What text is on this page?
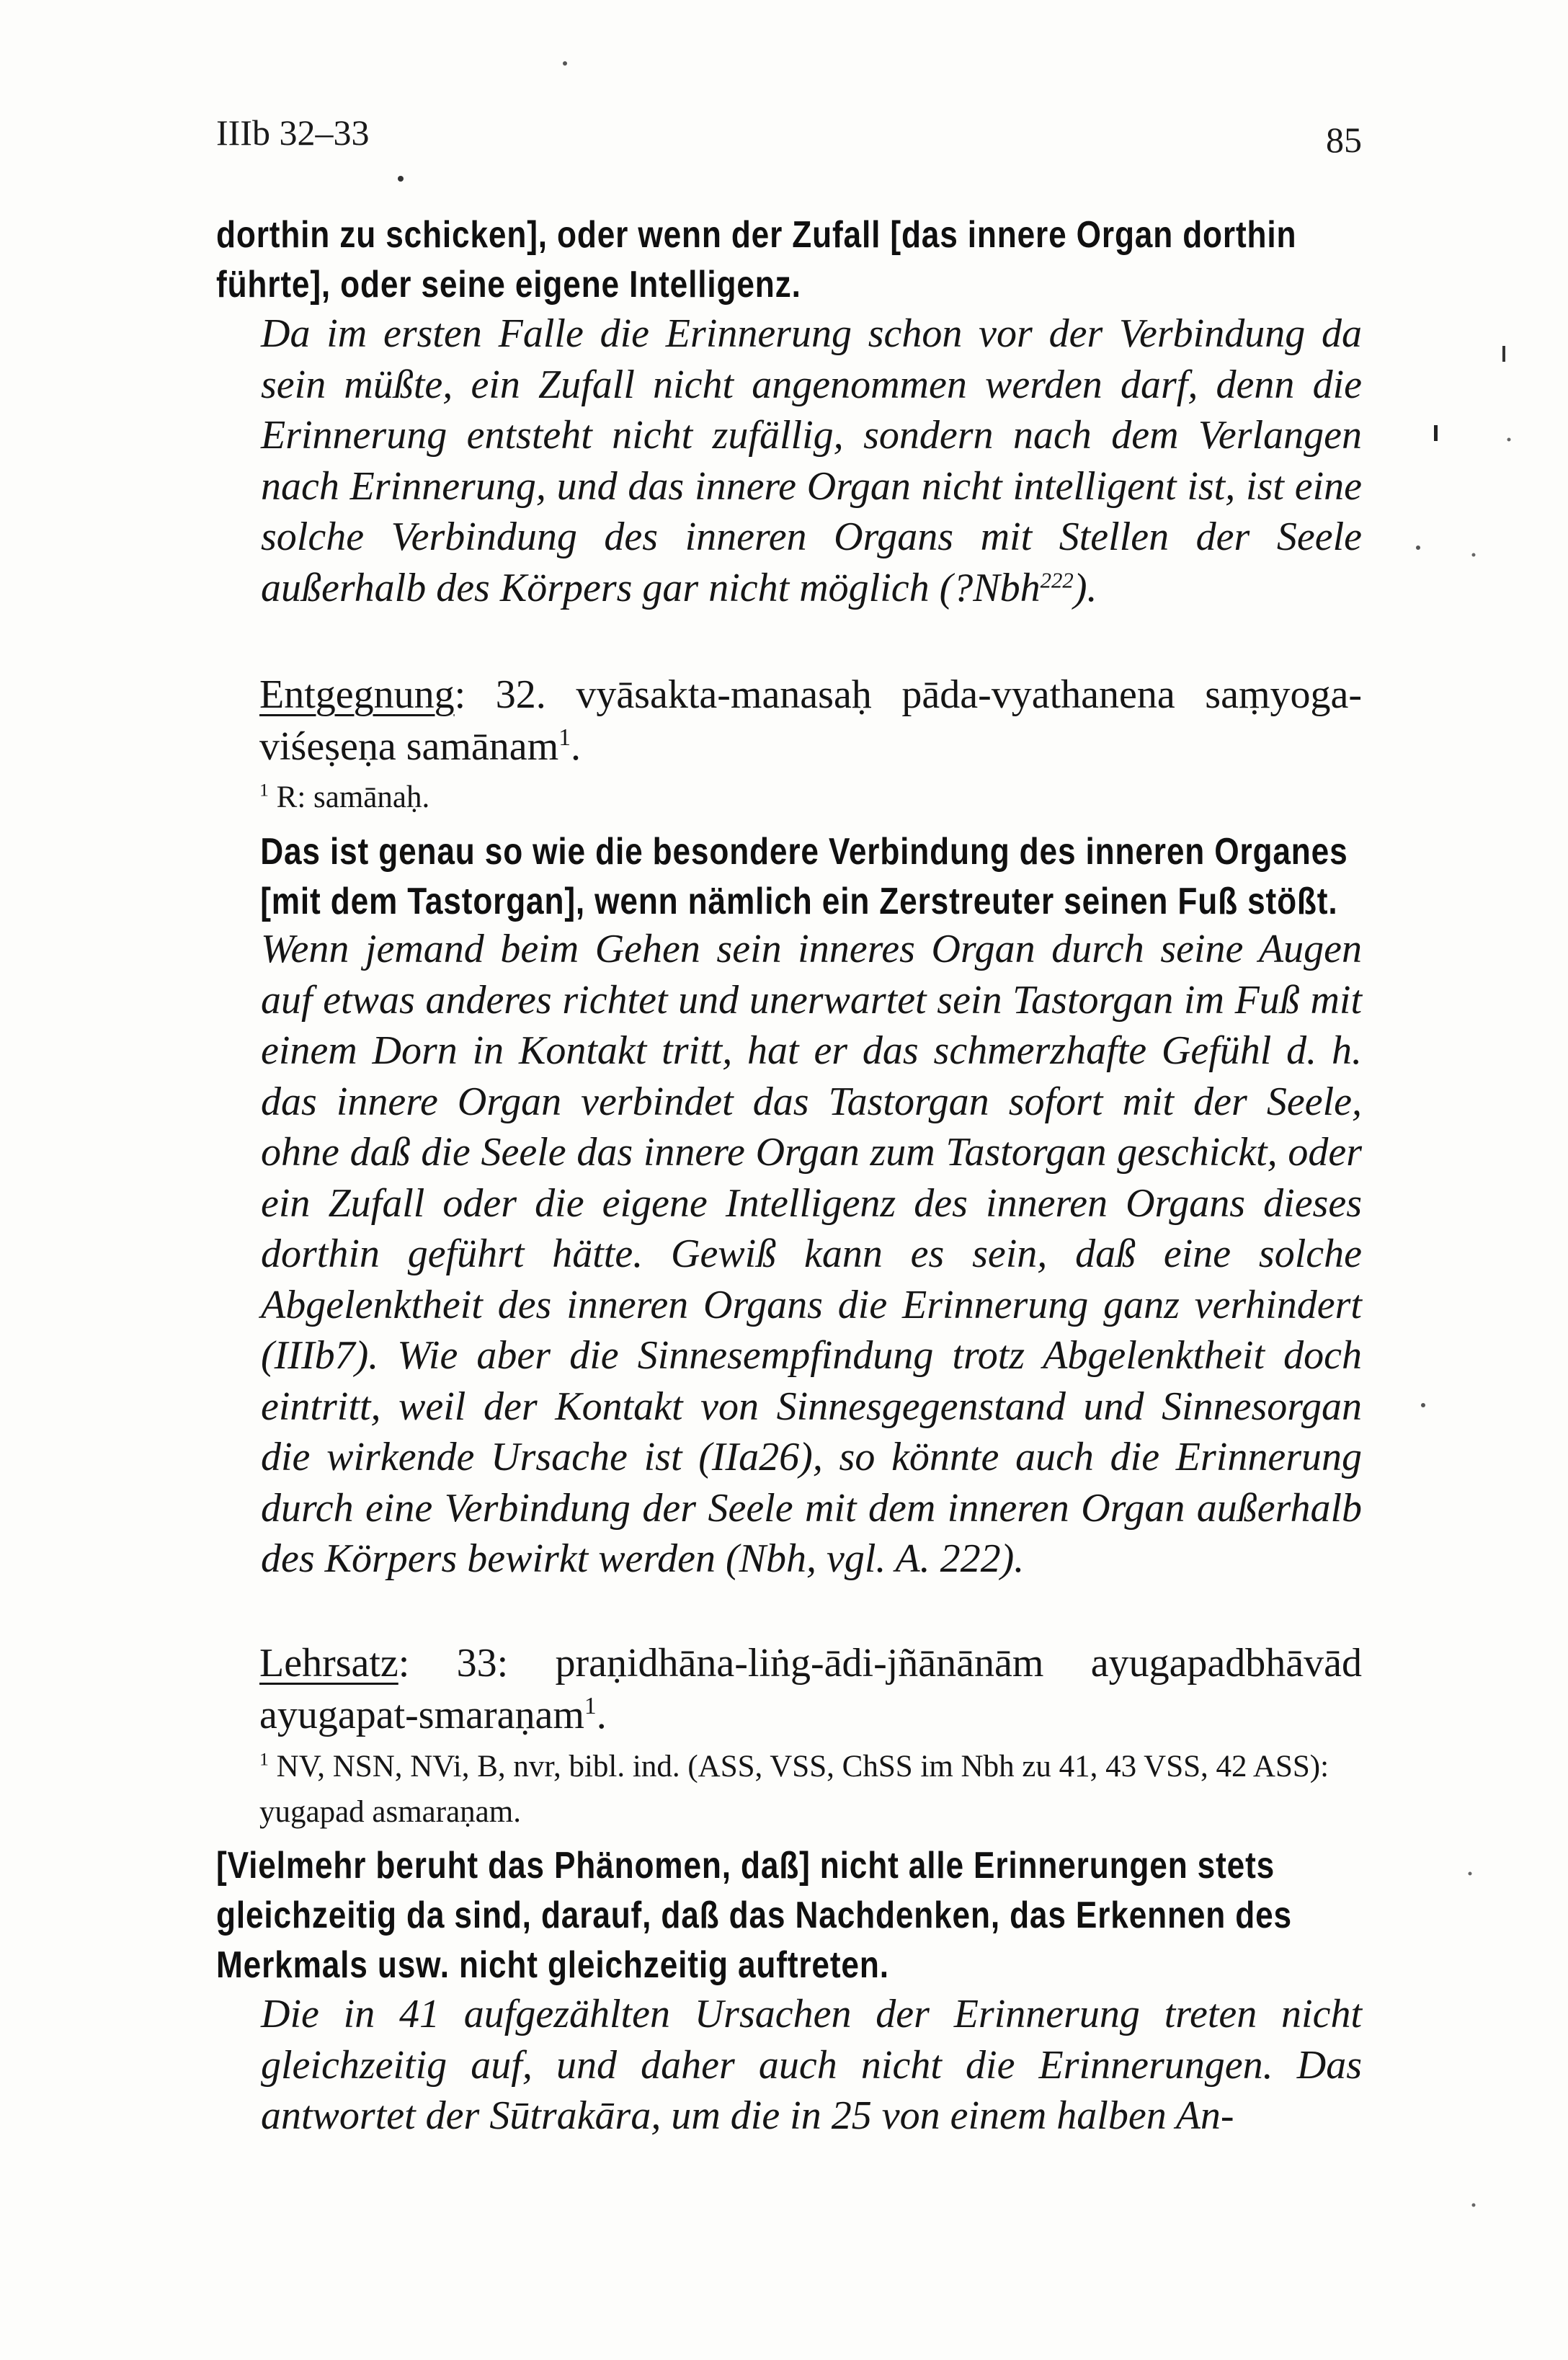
IIIb 32–33	85

dorthin zu schicken], oder wenn der Zufall [das innere Organ dorthin führte], oder seine eigene Intelligenz.

Da im ersten Falle die Erinnerung schon vor der Verbindung da sein müßte, ein Zufall nicht angenommen werden darf, denn die Erinnerung entsteht nicht zufällig, sondern nach dem Verlangen nach Erinnerung, und das innere Organ nicht intelligent ist, ist eine solche Verbindung des inneren Organs mit Stellen der Seele außerhalb des Körpers gar nicht möglich (?Nbh$^{222}$).

Entgegnung: 32. vyāsakta-manasaḥ pāda-vyathanena saṃyoga-viśeṣeṇa samānam$^1$.

$^1$ R: samānaḥ.

Das ist genau so wie die besondere Verbindung des inneren Organes [mit dem Tastorgan], wenn nämlich ein Zerstreuter seinen Fuß stößt.

Wenn jemand beim Gehen sein inneres Organ durch seine Augen auf etwas anderes richtet und unerwartet sein Tastorgan im Fuß mit einem Dorn in Kontakt tritt, hat er das schmerzhafte Gefühl d. h. das innere Organ verbindet das Tastorgan sofort mit der Seele, ohne daß die Seele das innere Organ zum Tastorgan geschickt, oder ein Zufall oder die eigene Intelligenz des inneren Organs dieses dorthin geführt hätte. Gewiß kann es sein, daß eine solche Abgelenktheit des inneren Organs die Erinnerung ganz verhindert (IIIb7). Wie aber die Sinnesempfindung trotz Abgelenktheit doch eintritt, weil der Kontakt von Sinnesgegenstand und Sinnesorgan die wirkende Ursache ist (IIa26), so könnte auch die Erinnerung durch eine Verbindung der Seele mit dem inneren Organ außerhalb des Körpers bewirkt werden (Nbh, vgl. A. 222).

Lehrsatz: 33: praṇidhāna-liṅg-ādi-jñānānām ayugapadbhāvād ayugapat-smaraṇam$^1$.

$^1$ NV, NSN, NVi, B, nvr, bibl. ind. (ASS, VSS, ChSS im Nbh zu 41, 43 VSS, 42 ASS): yugapad asmaraṇam.

[Vielmehr beruht das Phänomen, daß] nicht alle Erinnerungen stets gleichzeitig da sind, darauf, daß das Nachdenken, das Erkennen des Merkmals usw. nicht gleichzeitig auftreten.

Die in 41 aufgezählten Ursachen der Erinnerung treten nicht gleichzeitig auf, und daher auch nicht die Erinnerungen. Das antwortet der Sūtrakāra, um die in 25 von einem halben An-
